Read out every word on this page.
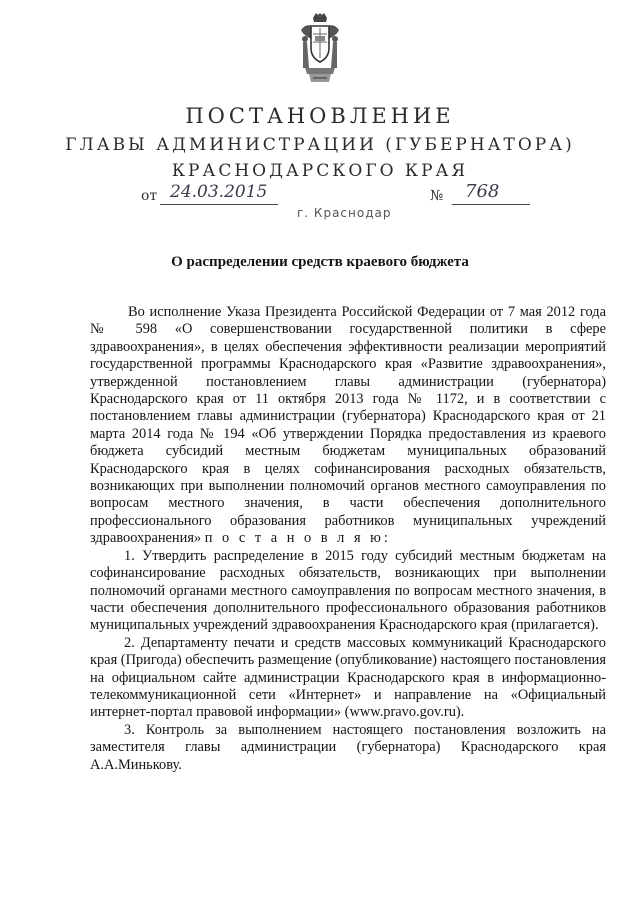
ПОСТАНОВЛЕНИЕ
ГЛАВЫ АДМИНИСТРАЦИИ (ГУБЕРНАТОРА)
КРАСНОДАРСКОГО КРАЯ
от 24.03.2015	№ 768
г. Краснодар
О распределении средств краевого бюджета

Во исполнение Указа Президента Российской Федерации от 7 мая 2012 года № 598 «О совершенствовании государственной политики в сфере здравоохранения», в целях обеспечения эффективности реализации мероприятий государственной программы Краснодарского края «Развитие здравоохранения», утвержденной постановлением главы администрации (губернатора) Краснодарского края от 11 октября 2013 года № 1172, и в соответствии с постановлением главы администрации (губернатора) Краснодарского края от 21 марта 2014 года № 194 «Об утверждении Порядка предоставления из краевого бюджета субсидий местным бюджетам муниципальных образований Краснодарского края в целях софинансирования расходных обязательств, возникающих при выполнении полномочий органов местного самоуправления по вопросам местного значения, в части обеспечения дополнительного профессионального образования работников муниципальных учреждений здравоохранения» п о с т а н о в л я ю:

1. Утвердить распределение в 2015 году субсидий местным бюджетам на софинансирование расходных обязательств, возникающих при выполнении полномочий органами местного самоуправления по вопросам местного значения, в части обеспечения дополнительного профессионального образования работников муниципальных учреждений здравоохранения Краснодарского края (прилагается).

2. Департаменту печати и средств массовых коммуникаций Краснодарского края (Пригода) обеспечить размещение (опубликование) настоящего постановления на официальном сайте администрации Краснодарского края в информационно-телекоммуникационной сети «Интернет» и направление на «Официальный интернет-портал правовой информации» (www.pravo.gov.ru).

3. Контроль за выполнением настоящего постановления возложить на заместителя главы администрации (губернатора) Краснодарского края А.А.Минькову.
